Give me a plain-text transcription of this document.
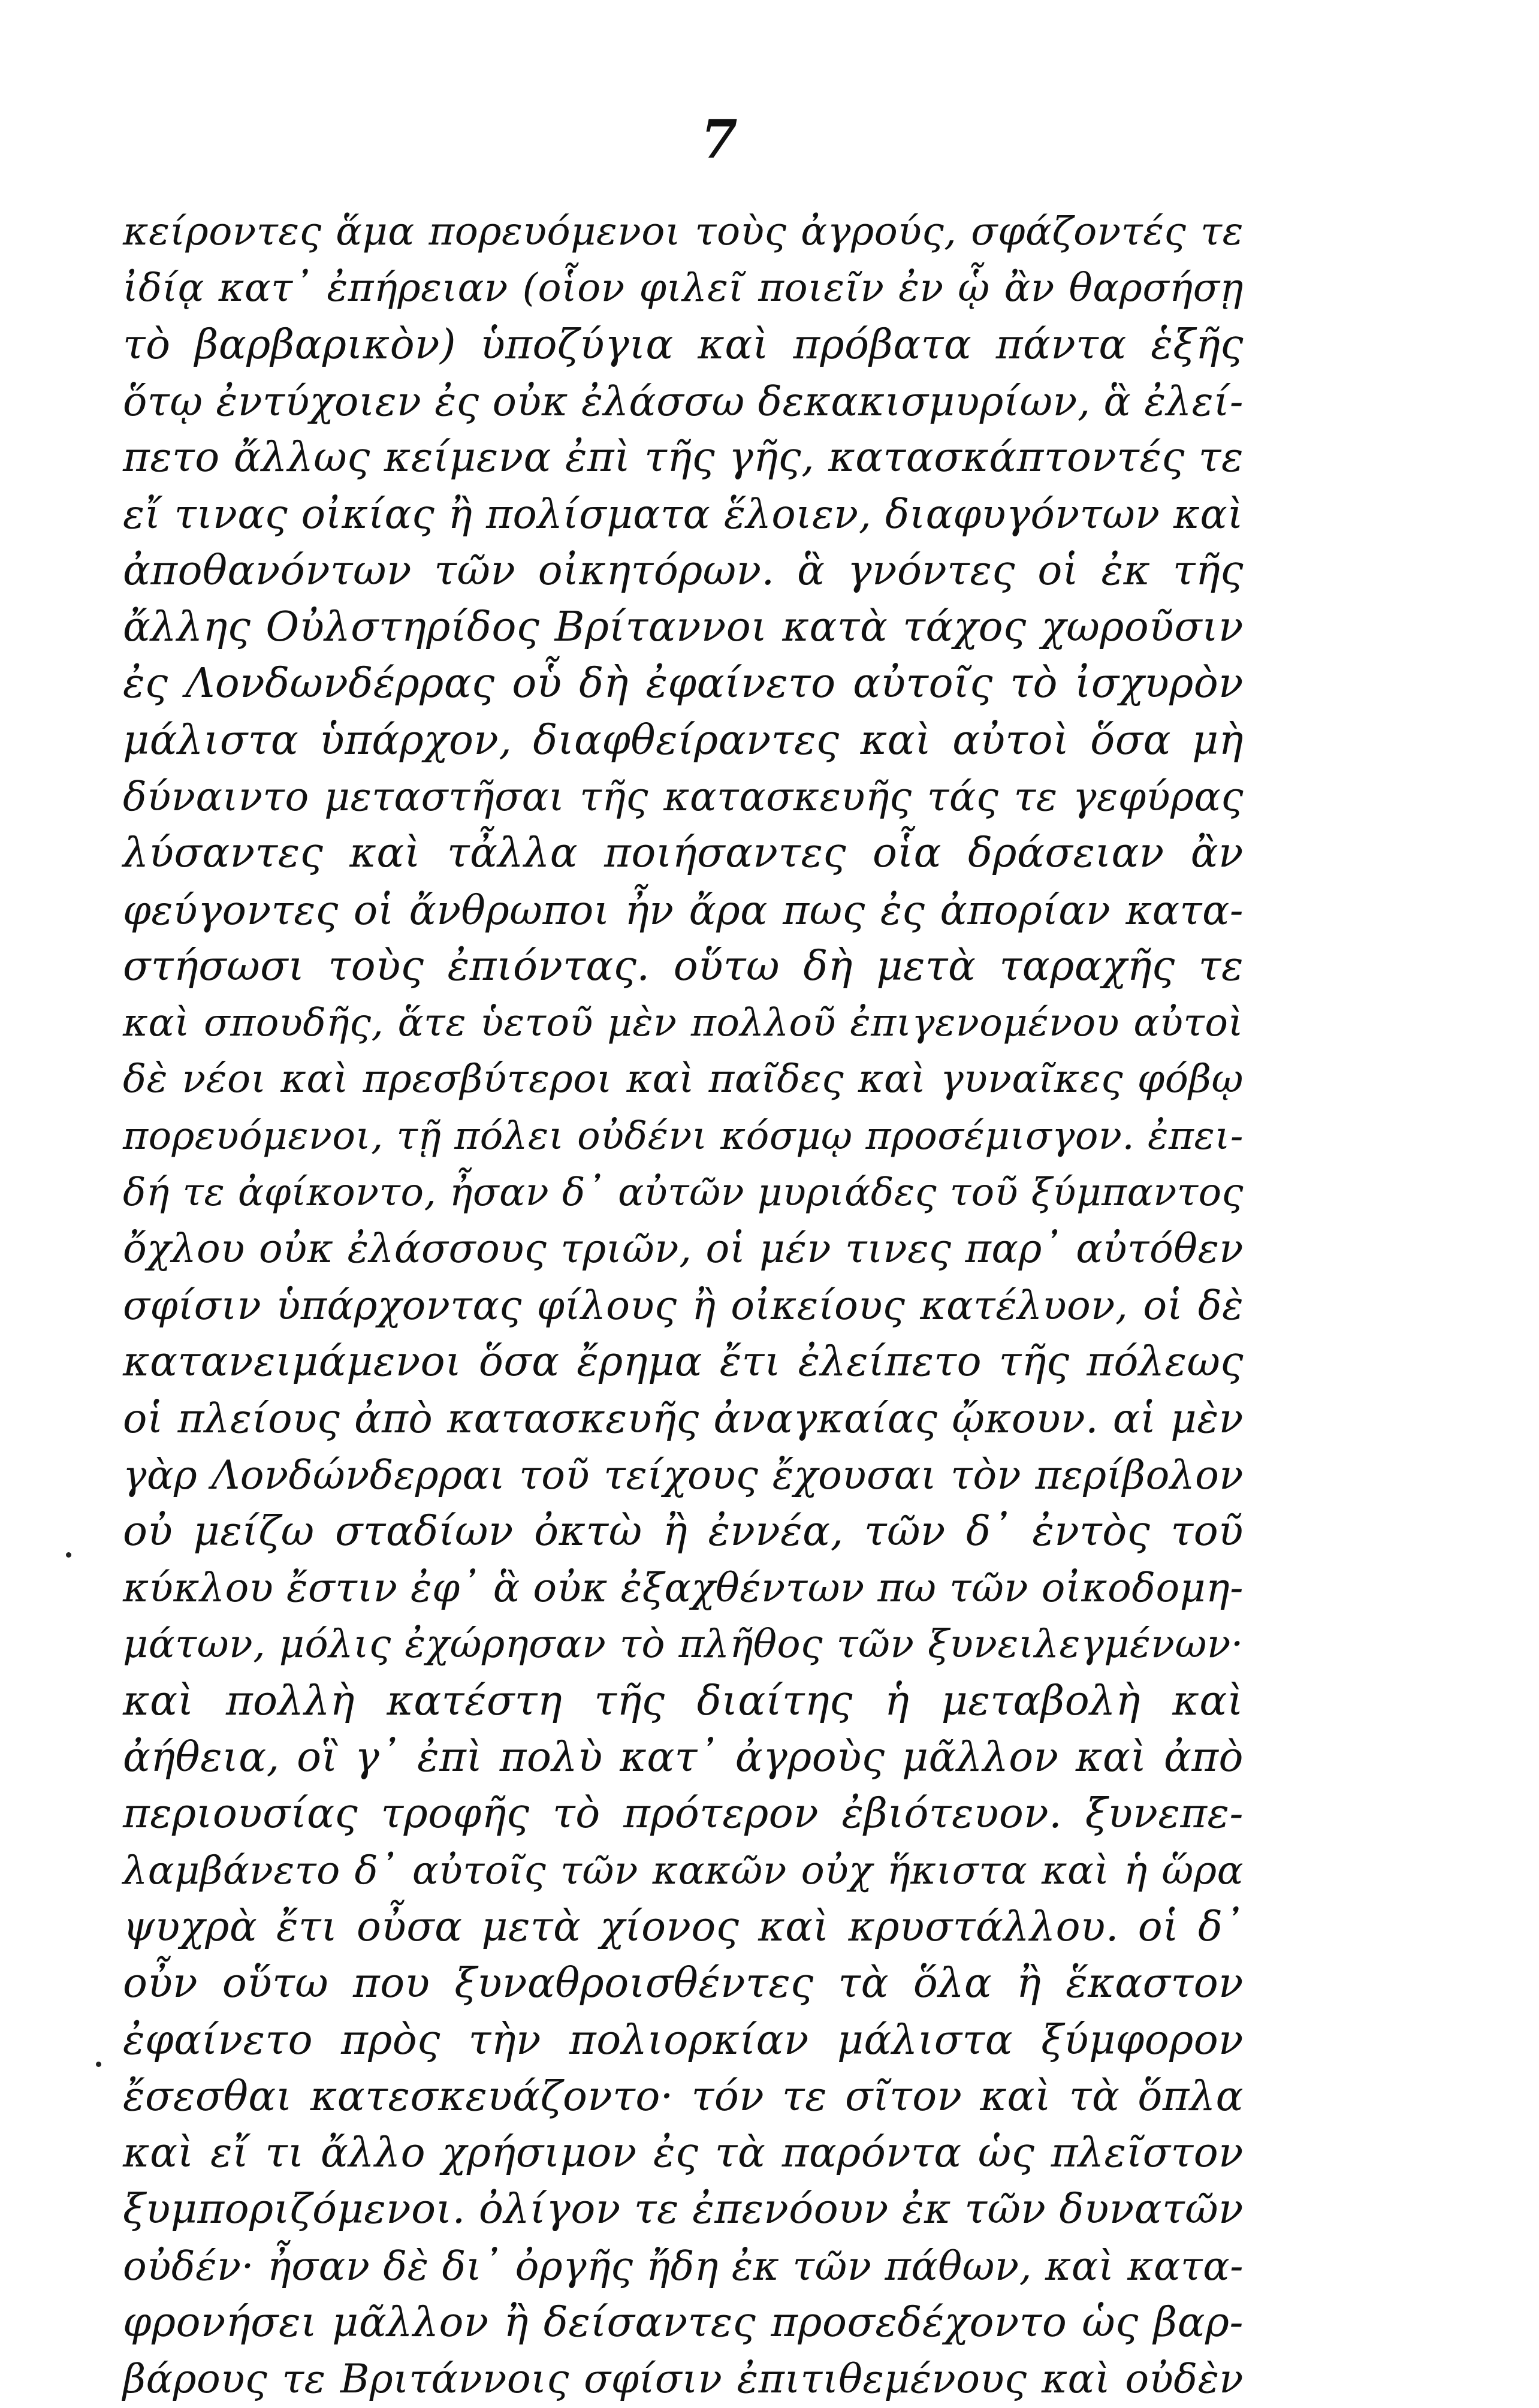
7
κείροντες ἅμα πορευόμενοι τοὺς ἀγρούς, σφάζοντές τε
ἰδίᾳ κατ᾽ ἐπήρειαν (οἷον φιλεῖ ποιεῖν ἐν ᾧ ἂν θαρσήσῃ
τὸ βαρβαρικὸν) ὑποζύγια καὶ πρόβατα πάντα ἑξῆς
ὅτῳ ἐντύχοιεν ἐς οὐκ ἐλάσσω δεκακισμυρίων, ἃ ἐλεί-
πετο ἄλλως κείμενα ἐπὶ τῆς γῆς, κατασκάπτοντές τε
εἴ τινας οἰκίας ἢ πολίσματα ἕλοιεν, διαφυγόντων καὶ
ἀποθανόντων τῶν οἰκητόρων. ἃ γνόντες οἱ ἐκ τῆς
ἄλλης Οὐλστηρίδος Βρίταννοι κατὰ τάχος χωροῦσιν
ἐς Λονδωνδέρρας οὗ δὴ ἐφαίνετο αὐτοῖς τὸ ἰσχυρὸν
μάλιστα ὑπάρχον, διαφθείραντες καὶ αὐτοὶ ὅσα μὴ
δύναιντο μεταστῆσαι τῆς κατασκευῆς τάς τε γεφύρας
λύσαντες καὶ τἆλλα ποιήσαντες οἷα δράσειαν ἂν
φεύγοντες οἱ ἄνθρωποι ἦν ἄρα πως ἐς ἀπορίαν κατα-
στήσωσι τοὺς ἐπιόντας. οὕτω δὴ μετὰ ταραχῆς τε
καὶ σπουδῆς, ἅτε ὑετοῦ μὲν πολλοῦ ἐπιγενομένου αὐτοὶ
δὲ νέοι καὶ πρεσβύτεροι καὶ παῖδες καὶ γυναῖκες φόβῳ
πορευόμενοι, τῇ πόλει οὐδένι κόσμῳ προσέμισγον. ἐπει-
δή τε ἀφίκοντο, ἦσαν δ᾽ αὐτῶν μυριάδες τοῦ ξύμπαντος
ὄχλου οὐκ ἐλάσσους τριῶν, οἱ μέν τινες παρ᾽ αὐτόθεν
σφίσιν ὑπάρχοντας φίλους ἢ οἰκείους κατέλυον, οἱ δὲ
κατανειμάμενοι ὅσα ἔρημα ἔτι ἐλείπετο τῆς πόλεως
οἱ πλείους ἀπὸ κατασκευῆς ἀναγκαίας ᾤκουν. αἱ μὲν
γὰρ Λονδώνδερραι τοῦ τείχους ἔχουσαι τὸν περίβολον
οὐ μείζω σταδίων ὀκτὼ ἢ ἐννέα, τῶν δ᾽ ἐντὸς τοῦ
κύκλου ἔστιν ἐφ᾽ ἃ οὐκ ἐξαχθέντων πω τῶν οἰκοδομη-
μάτων, μόλις ἐχώρησαν τὸ πλῆθος τῶν ξυνειλεγμένων·
καὶ πολλὴ κατέστη τῆς διαίτης ἡ μεταβολὴ καὶ
ἀήθεια, οἳ γ᾽ ἐπὶ πολὺ κατ᾽ ἀγροὺς μᾶλλον καὶ ἀπὸ
περιουσίας τροφῆς τὸ πρότερον ἐβιότευον. ξυνεπε-
λαμβάνετο δ᾽ αὐτοῖς τῶν κακῶν οὐχ ἥκιστα καὶ ἡ ὥρα
ψυχρὰ ἔτι οὖσα μετὰ χίονος καὶ κρυστάλλου. οἱ δ᾽
οὖν οὕτω που ξυναθροισθέντες τὰ ὅλα ἢ ἕκαστον
ἐφαίνετο πρὸς τὴν πολιορκίαν μάλιστα ξύμφορον
ἔσεσθαι κατεσκευάζοντο· τόν τε σῖτον καὶ τὰ ὅπλα
καὶ εἴ τι ἄλλο χρήσιμον ἐς τὰ παρόντα ὡς πλεῖστον
ξυμποριζόμενοι. ὀλίγον τε ἐπενόουν ἐκ τῶν δυνατῶν
οὐδέν· ἦσαν δὲ δι᾽ ὀργῆς ἤδη ἐκ τῶν πάθων, καὶ κατα-
φρονήσει μᾶλλον ἢ δείσαντες προσεδέχοντο ὡς βαρ-
βάρους τε Βριτάννοις σφίσιν ἐπιτιθεμένους καὶ οὐδὲν
